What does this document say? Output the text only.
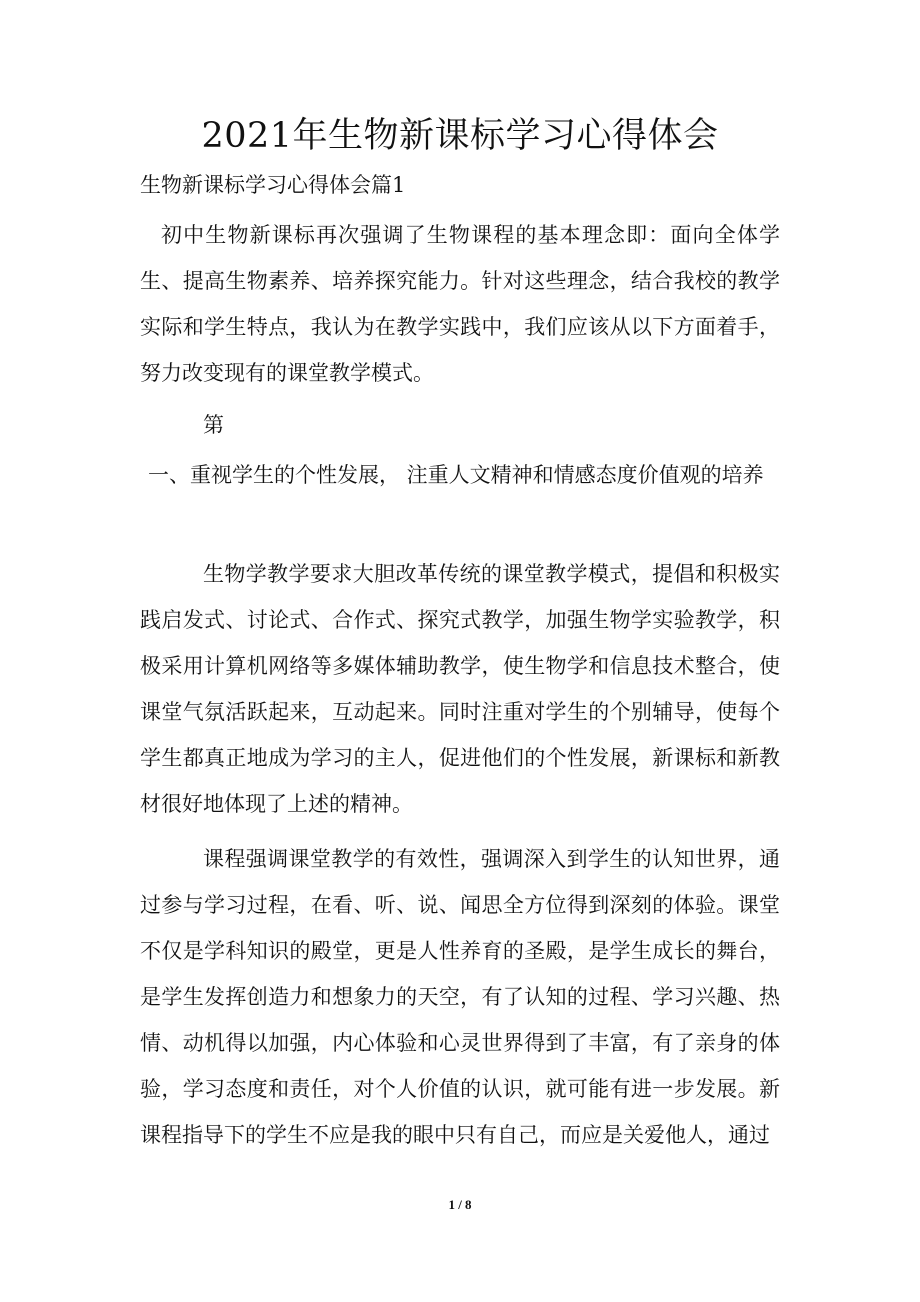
2021年生物新课标学习心得体会
生物新课标学习心得体会篇1

初中生物新课标再次强调了生物课程的基本理念即：面向全体学生、提高生物素养、培养探究能力。针对这些理念，结合我校的教学实际和学生特点，我认为在教学实践中，我们应该从以下方面着手，努力改变现有的课堂教学模式。

第

一、重视学生的个性发展， 注重人文精神和情感态度价值观的培养

生物学教学要求大胆改革传统的课堂教学模式，提倡和积极实践启发式、讨论式、合作式、探究式教学，加强生物学实验教学，积极采用计算机网络等多媒体辅助教学，使生物学和信息技术整合，使课堂气氛活跃起来，互动起来。同时注重对学生的个别辅导，使每个学生都真正地成为学习的主人，促进他们的个性发展，新课标和新教材很好地体现了上述的精神。

课程强调课堂教学的有效性，强调深入到学生的认知世界，通过参与学习过程，在看、听、说、闻思全方位得到深刻的体验。课堂不仅是学科知识的殿堂，更是人性养育的圣殿，是学生成长的舞台，是学生发挥创造力和想象力的天空，有了认知的过程、学习兴趣、热情、动机得以加强，内心体验和心灵世界得到了丰富，有了亲身的体验，学习态度和责任，对个人价值的认识，就可能有进一步发展。新课程指导下的学生不应是我的眼中只有自己，而应是关爱他人，通过

1 / 8
